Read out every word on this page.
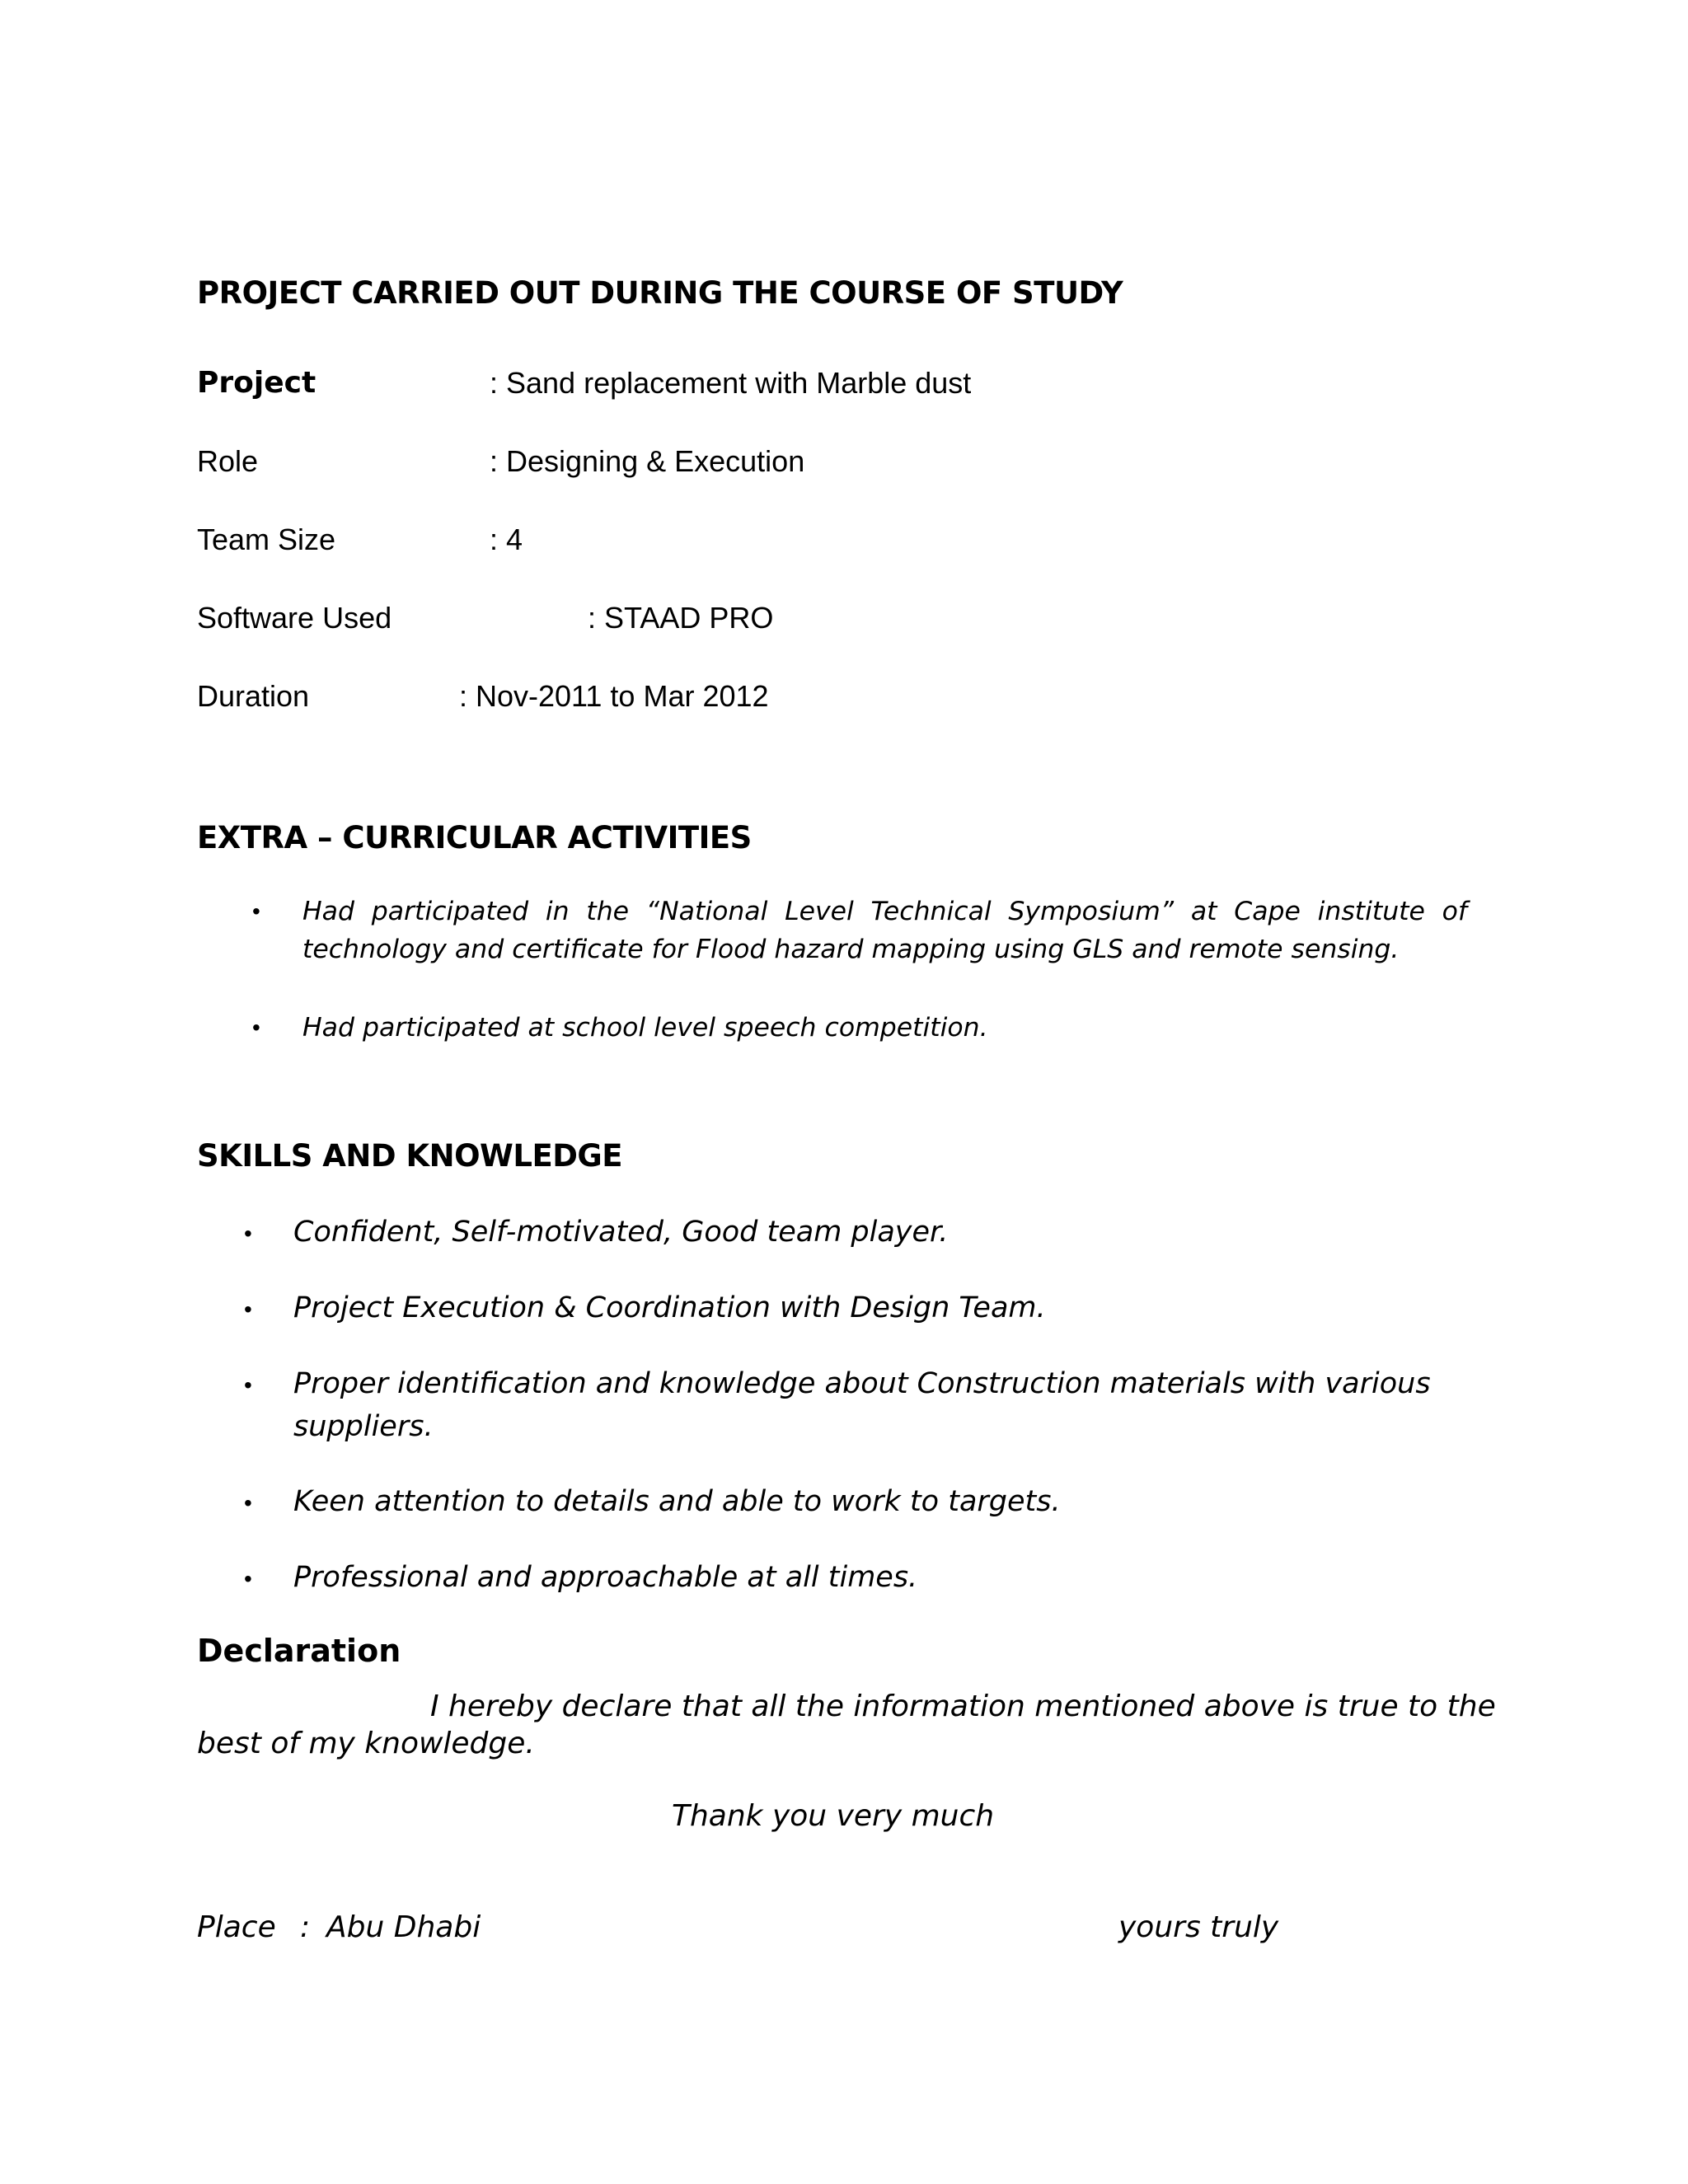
PROJECT CARRIED OUT DURING THE COURSE OF STUDY
Project	: Sand replacement with Marble dust
Role	: Designing & Execution
Team Size	: 4
Software Used	: STAAD PRO
Duration	: Nov-2011 to Mar 2012
EXTRA – CURRICULAR ACTIVITIES
• Had participated in the “National Level Technical Symposium” at Cape institute of
technology and certificate for Flood hazard mapping using GLS and remote sensing.
• Had participated at school level speech competition.
SKILLS AND KNOWLEDGE
• Confident, Self-motivated, Good team player.
• Project Execution & Coordination with Design Team.
• Proper identification and knowledge about Construction materials with various
suppliers.
• Keen attention to details and able to work to targets.
• Professional and approachable at all times.
Declaration
I hereby declare that all the information mentioned above is true to the
best of my knowledge.
Thank you very much
Place : Abu Dhabi	yours truly
